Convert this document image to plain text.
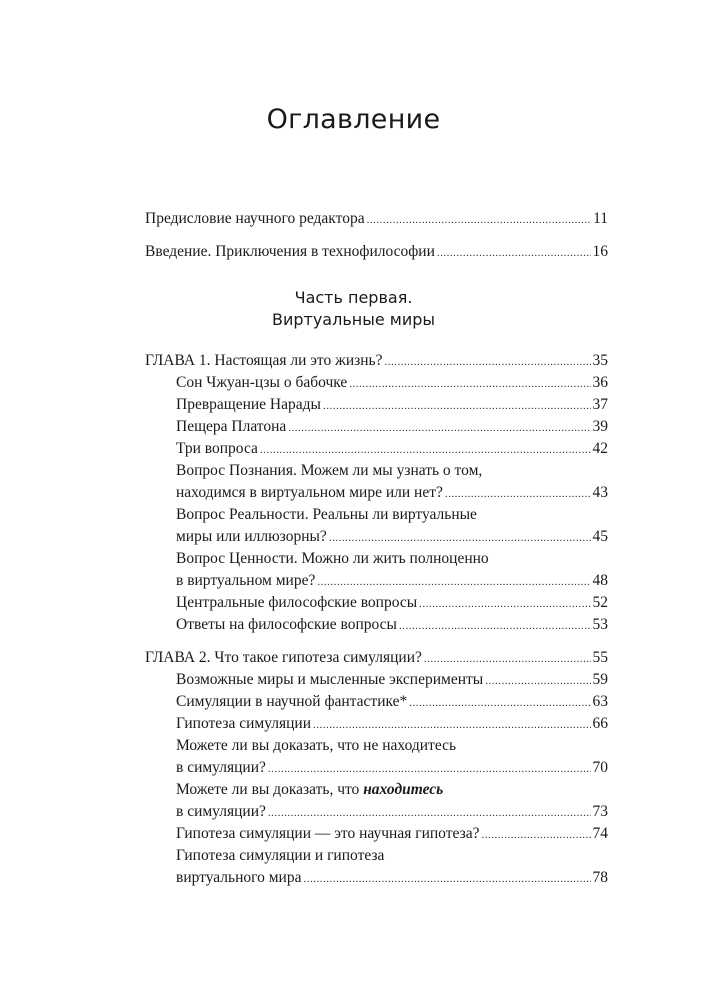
Оглавление
Предисловие научного редактора .....	11
Введение. Приключения в технофилософии .....	16
Часть первая.
Виртуальные миры
ГЛАВА 1. Настоящая ли это жизнь? .....	35
Сон Чжуан-цзы о бабочке .....	36
Превращение Нарады .....	37
Пещера Платона .....	39
Три вопроса .....	42
Вопрос Познания. Можем ли мы узнать о том,
находимся в виртуальном мире или нет? .....	43
Вопрос Реальности. Реальны ли виртуальные
миры или иллюзорны? .....	45
Вопрос Ценности. Можно ли жить полноценно
в виртуальном мире? .....	48
Центральные философские вопросы .....	52
Ответы на философские вопросы .....	53
ГЛАВА 2. Что такое гипотеза симуляции? .....	55
Возможные миры и мысленные эксперименты .....	59
Симуляции в научной фантастике* .....	63
Гипотеза симуляции .....	66
Можете ли вы доказать, что не находитесь
в симуляции? .....	70
Можете ли вы доказать, что находитесь
в симуляции? .....	73
Гипотеза симуляции — это научная гипотеза? .....	74
Гипотеза симуляции и гипотеза
виртуального мира .....	78
